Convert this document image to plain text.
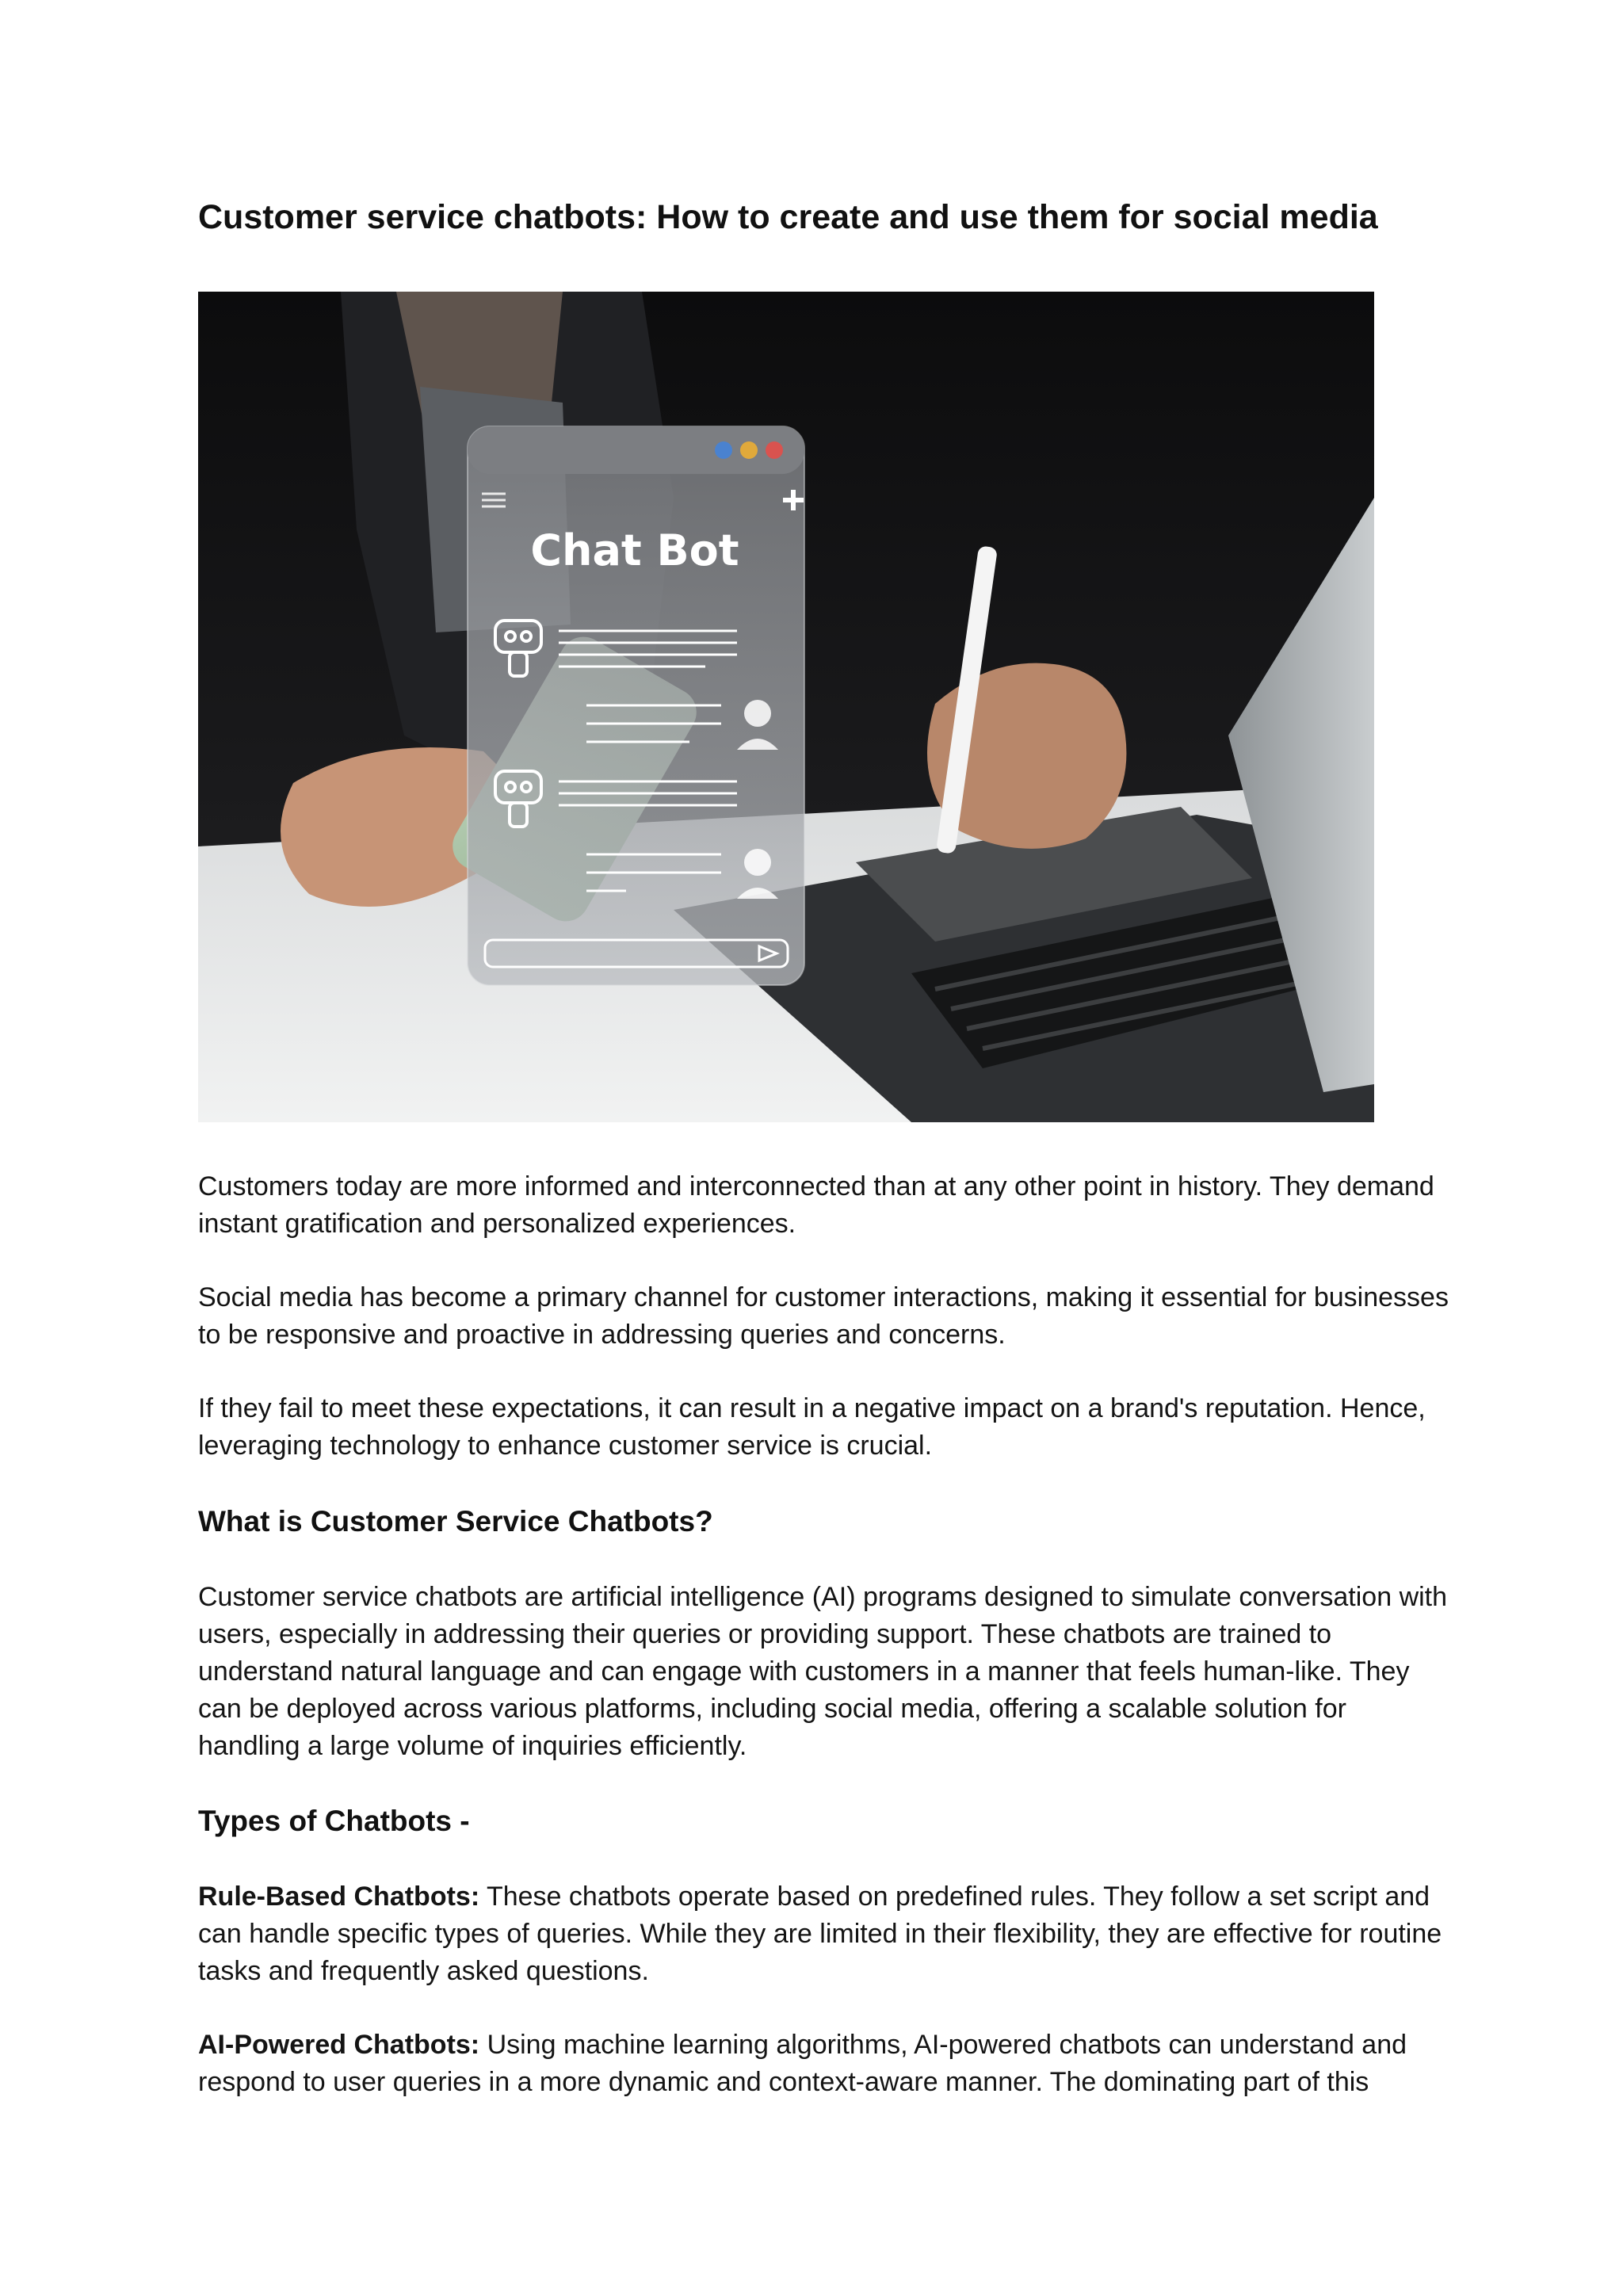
Customer service chatbots: How to create and use them for social media
Chat Bot

Customers today are more informed and interconnected than at any other point in history. They demand instant gratification and personalized experiences.

Social media has become a primary channel for customer interactions, making it essential for businesses to be responsive and proactive in addressing queries and concerns.

If they fail to meet these expectations, it can result in a negative impact on a brand's reputation. Hence, leveraging technology to enhance customer service is crucial.

What is Customer Service Chatbots?

Customer service chatbots are artificial intelligence (AI) programs designed to simulate conversation with users, especially in addressing their queries or providing support. These chatbots are trained to understand natural language and can engage with customers in a manner that feels human-like. They can be deployed across various platforms, including social media, offering a scalable solution for handling a large volume of inquiries efficiently.

Types of Chatbots -

Rule-Based Chatbots: These chatbots operate based on predefined rules. They follow a set script and can handle specific types of queries. While they are limited in their flexibility, they are effective for routine tasks and frequently asked questions.

AI-Powered Chatbots: Using machine learning algorithms, AI-powered chatbots can understand and respond to user queries in a more dynamic and context-aware manner. The dominating part of this
